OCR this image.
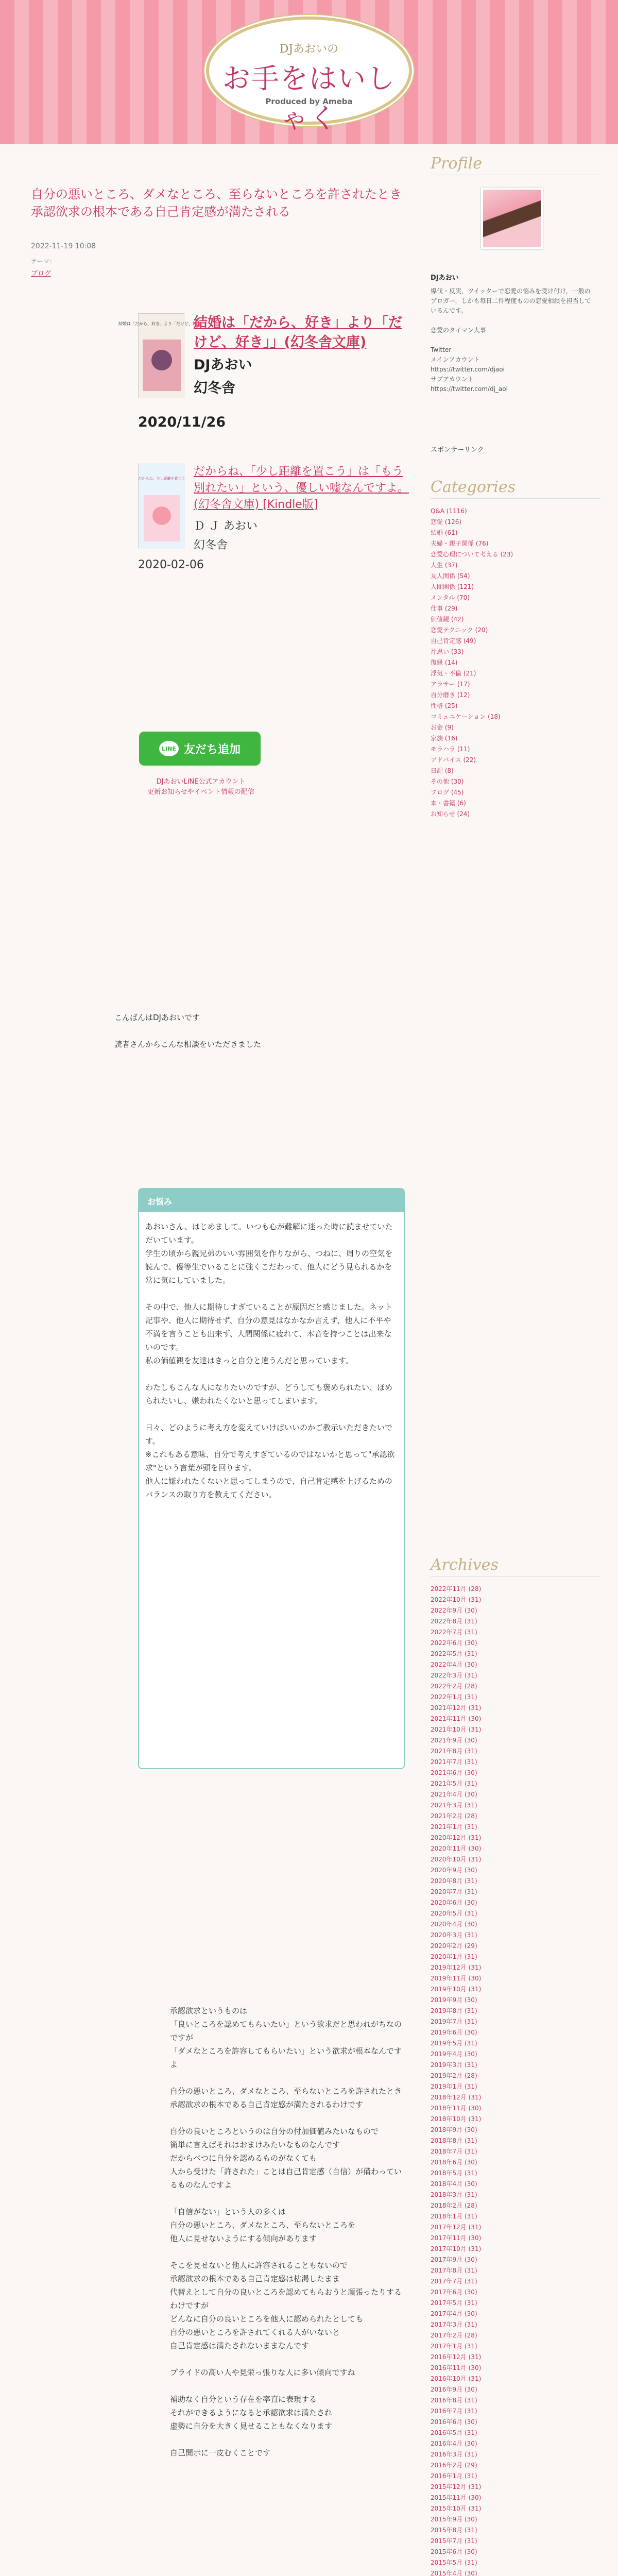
DJあおいの
お手をはいしゃく
Produced by Ameba
自分の悪いところ、ダメなところ、至らないところを許されたとき承認欲求の根本である自己肯定感が満たされる
2022-11-19 10:08
テーマ：
ブログ
結婚は「だから、好き」より「だけど、好き」
結婚は「だから、好き」より「だけど、好き」」(幻冬舎文庫)
DJあおい
幻冬舎
2020/11/26
だからね、少し距離を置こう
だからね、「少し距離を置こう」は「もう別れたい」という、優しい嘘なんですよ。 (幻冬舎文庫) [Kindle版]
Ｄ Ｊ あおい
幻冬舎
2020-02-06
LINE 友だち追加
DJあおいLINE公式アカウント
更新お知らせやイベント情報の配信
こんばんはDJあおいです

読者さんからこんな相談をいただきました
お悩み
あおいさん、はじめまして。いつも心が難解に迷った時に読ませていただいています。
学生の頃から親兄弟のいい雰囲気を作りながら、つねに、周りの空気を読んで、優等生でいることに強くこだわって、他人にどう見られるかを常に気にしていました。

その中で、他人に期待しすぎていることが原因だと感じました。ネット記事や、他人に期待せず、自分の意見はなかなか言えず、他人に不平や不満を言うことも出来ず、人間関係に疲れて、本音を持つことは出来ないのです。
私の価値観を友達はきっと自分と違うんだと思っています。

わたしもこんな人になりたいのですが、どうしても褒められたい、ほめられたいし、嫌われたくないと思ってしまいます。

日々、どのように考え方を変えていけばいいのかご教示いただきたいです。
※これもある意味、自分で考えすぎているのではないかと思って"承認欲求"という言葉が頭を回ります。
他人に嫌われたくないと思ってしまうので、自己肯定感を上げるためのバランスの取り方を教えてください。
承認欲求というものは
「良いところを認めてもらいたい」という欲求だと思われがちなのですが
「ダメなところを許容してもらいたい」という欲求が根本なんですよ

自分の悪いところ、ダメなところ、至らないところを許されたとき
承認欲求の根本である自己肯定感が満たされるわけです

自分の良いところというのは自分の付加価値みたいなもので
簡単に言えばそれはおまけみたいなものなんです
だからベつに自分を認めるものがなくても
人から受けた「許された」ことは自己肯定感（自信）が備わっているものなんですよ

「自信がない」という人の多くは
自分の悪いところ、ダメなところ、至らないところを
他人に見せないようにする傾向があります

そこを見せないと他人に許容されることもないので
承認欲求の根本である自己肯定感は枯渇したまま
代替えとして自分の良いところを認めてもらおうと頑張ったりするわけですが
どんなに自分の良いところを他人に認められたとしても
自分の悪いところを許されてくれる人がいないと
自己肯定感は満たされないままなんです

プライドの高い人や見栄っ張りな人に多い傾向ですね

補助なく自分という存在を率直に表現する
それができるようになると承認欲求は満たされ
虚勢に自分を大きく見せることもなくなります

自己開示に一皮むくことです
Profile
DJあおい
爆伐・反実，ツイッターで恋愛の悩みを受け付け，一般のブロガー，しかも毎日二件程度ものの恋愛相談を担当しているんです。

恋愛のタイマン大事

Twitter
メインアカウント
https://twitter.com/djaoi
サブアカウント
https://twitter.com/dj_aoi
スポンサーリンク
Categories
Q&A (1116)
恋愛 (126)
結婚 (61)
夫婦・親子関係 (76)
恋愛心理について考える (23)
人生 (37)
友人関係 (54)
人間関係 (121)
メンタル (70)
仕事 (29)
価値観 (42)
恋愛テクニック (20)
自己肯定感 (49)
片思い (33)
復縁 (14)
浮気・不倫 (21)
アラサー (17)
自分磨き (12)
性格 (25)
コミュニケーション (18)
お金 (9)
家族 (16)
モラハラ (11)
アドバイス (22)
日記 (8)
その他 (30)
ブログ (45)
本・書籍 (6)
お知らせ (24)
Archives
2022年11月 (28)
2022年10月 (31)
2022年9月 (30)
2022年8月 (31)
2022年7月 (31)
2022年6月 (30)
2022年5月 (31)
2022年4月 (30)
2022年3月 (31)
2022年2月 (28)
2022年1月 (31)
2021年12月 (31)
2021年11月 (30)
2021年10月 (31)
2021年9月 (30)
2021年8月 (31)
2021年7月 (31)
2021年6月 (30)
2021年5月 (31)
2021年4月 (30)
2021年3月 (31)
2021年2月 (28)
2021年1月 (31)
2020年12月 (31)
2020年11月 (30)
2020年10月 (31)
2020年9月 (30)
2020年8月 (31)
2020年7月 (31)
2020年6月 (30)
2020年5月 (31)
2020年4月 (30)
2020年3月 (31)
2020年2月 (29)
2020年1月 (31)
2019年12月 (31)
2019年11月 (30)
2019年10月 (31)
2019年9月 (30)
2019年8月 (31)
2019年7月 (31)
2019年6月 (30)
2019年5月 (31)
2019年4月 (30)
2019年3月 (31)
2019年2月 (28)
2019年1月 (31)
2018年12月 (31)
2018年11月 (30)
2018年10月 (31)
2018年9月 (30)
2018年8月 (31)
2018年7月 (31)
2018年6月 (30)
2018年5月 (31)
2018年4月 (30)
2018年3月 (31)
2018年2月 (28)
2018年1月 (31)
2017年12月 (31)
2017年11月 (30)
2017年10月 (31)
2017年9月 (30)
2017年8月 (31)
2017年7月 (31)
2017年6月 (30)
2017年5月 (31)
2017年4月 (30)
2017年3月 (31)
2017年2月 (28)
2017年1月 (31)
2016年12月 (31)
2016年11月 (30)
2016年10月 (31)
2016年9月 (30)
2016年8月 (31)
2016年7月 (31)
2016年6月 (30)
2016年5月 (31)
2016年4月 (30)
2016年3月 (31)
2016年2月 (29)
2016年1月 (31)
2015年12月 (31)
2015年11月 (30)
2015年10月 (31)
2015年9月 (30)
2015年8月 (31)
2015年7月 (31)
2015年6月 (30)
2015年5月 (31)
2015年4月 (30)
